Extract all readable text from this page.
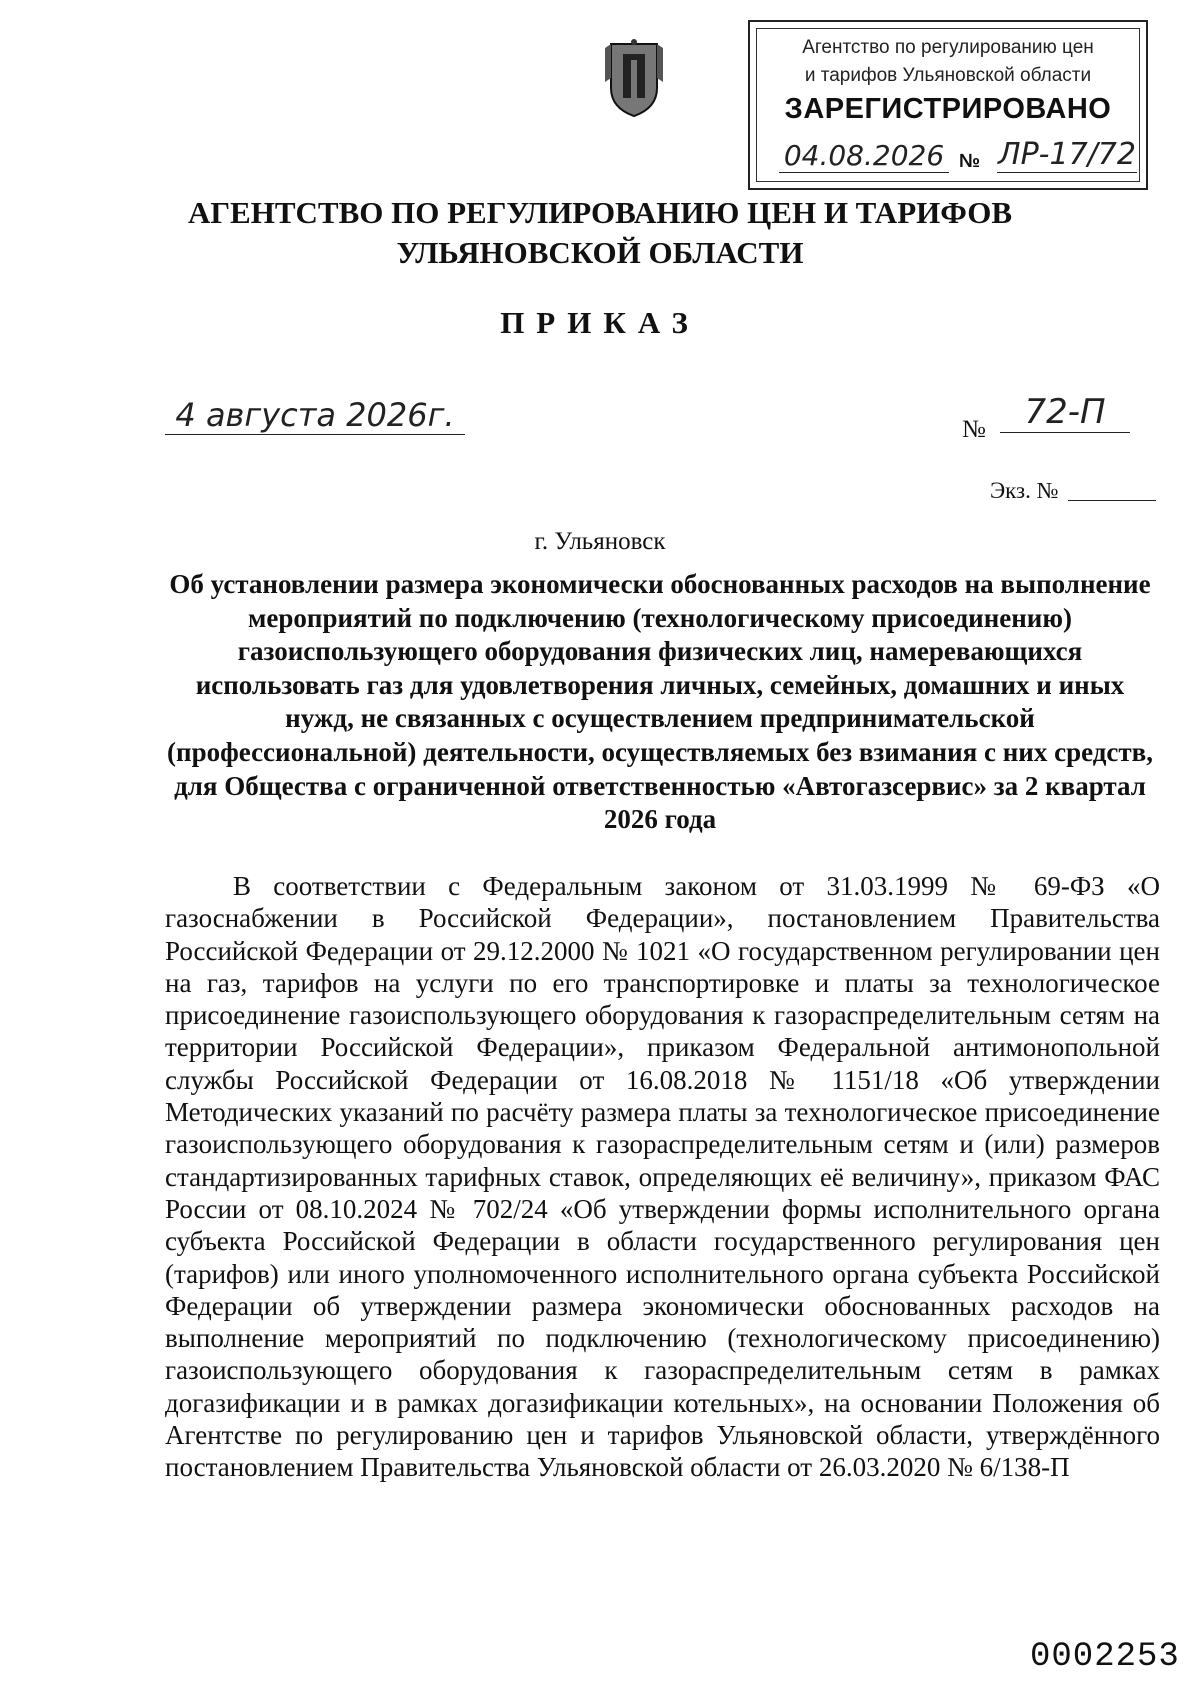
Агентство по регулированию цен
и тарифов Ульяновской области
ЗАРЕГИСТРИРОВАНО
04.08.2026 № ЛР-17/72
АГЕНТСТВО ПО РЕГУЛИРОВАНИЮ ЦЕН И ТАРИФОВ
УЛЬЯНОВСКОЙ ОБЛАСТИ
ПРИКАЗ
4 августа 2026г.	№	72-П
Экз. №
г. Ульяновск
Об установлении размера экономически обоснованных расходов на выполнение мероприятий по подключению (технологическому присоединению) газоиспользующего оборудования физических лиц, намеревающихся использовать газ для удовлетворения личных, семейных, домашних и иных нужд, не связанных с осуществлением предпринимательской (профессиональной) деятельности, осуществляемых без взимания с них средств, для Общества с ограниченной ответственностью «Автогазсервис» за 2 квартал 2026 года
В соответствии с Федеральным законом от 31.03.1999 № 69-ФЗ «О газоснабжении в Российской Федерации», постановлением Правительства Российской Федерации от 29.12.2000 № 1021 «О государственном регулировании цен на газ, тарифов на услуги по его транспортировке и платы за технологическое присоединение газоиспользующего оборудования к газораспределительным сетям на территории Российской Федерации», приказом Федеральной антимонопольной службы Российской Федерации от 16.08.2018 № 1151/18 «Об утверждении Методических указаний по расчёту размера платы за технологическое присоединение газоиспользующего оборудования к газораспределительным сетям и (или) размеров стандартизированных тарифных ставок, определяющих её величину», приказом ФАС России от 08.10.2024 № 702/24 «Об утверждении формы исполнительного органа субъекта Российской Федерации в области государственного регулирования цен (тарифов) или иного уполномоченного исполнительного органа субъекта Российской Федерации об утверждении размера экономически обоснованных расходов на выполнение мероприятий по подключению (технологическому присоединению) газоиспользующего оборудования к газораспределительным сетям в рамках догазификации и в рамках догазификации котельных», на основании Положения об Агентстве по регулированию цен и тарифов Ульяновской области, утверждённого постановлением Правительства Ульяновской области от 26.03.2020 № 6/138-П
0002253
